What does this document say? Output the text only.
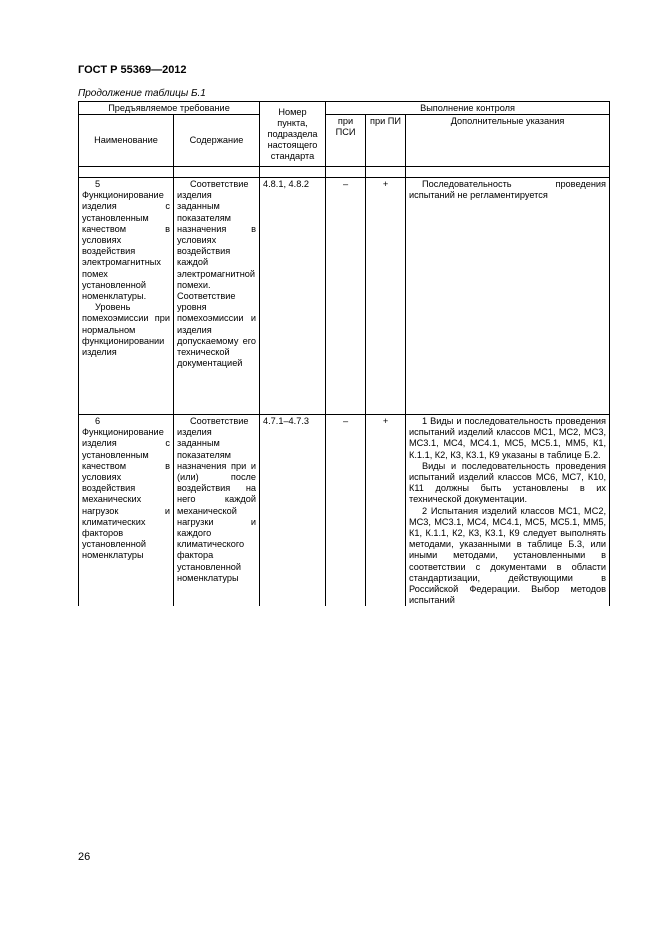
ГОСТ Р 55369—2012
Продолжение таблицы Б.1
Предъявляемое требование		Номер пункта, подраздела настоящего стандарта	Выполнение контроля		
Наименование	Содержание		при ПСИ	при ПИ	Дополнительные указания

5 Функционирование изделия с установленным качеством в условиях воздействия электромагнитных помех установленной номенклатуры.
Уровень помехоэмиссии при нормальном функционировании изделия	Соответствие изделия заданным показателям назначения в условиях воздействия каждой электромагнитной помехи. Соответствие уровня помехоэмиссии и изделия допускаемому его технической документацией	4.8.1, 4.8.2	–	+	Последовательность проведения испытаний не регламентируется

6 Функционирование изделия с установленным качеством в условиях воздействия механических нагрузок и климатических факторов установленной номенклатуры	Соответствие изделия заданным показателям назначения при и (или) после воздействия на него каждой механической нагрузки и каждого климатического фактора установленной номенклатуры	4.7.1–4.7.3	–	+	1 Виды и последовательность проведения испытаний изделий классов МС1, МС2, МС3, МС3.1, МС4, МС4.1, МС5, МС5.1, ММ5, К1, К.1.1, К2, К3, К3.1, К9 указаны в таблице Б.2.
Виды и последовательность проведения испытаний изделий классов МС6, МС7, К10, К11 должны быть установлены в их технической документации.
2 Испытания изделий классов МС1, МС2, МС3, МС3.1, МС4, МС4.1, МС5, МС5.1, ММ5, К1, К.1.1, К2, К3, К3.1, К9 следует выполнять методами, указанными в таблице Б.3, или иными методами, установленными в соответствии с документами в области стандартизации, действующими в Российской Федерации. Выбор методов испытаний
26
